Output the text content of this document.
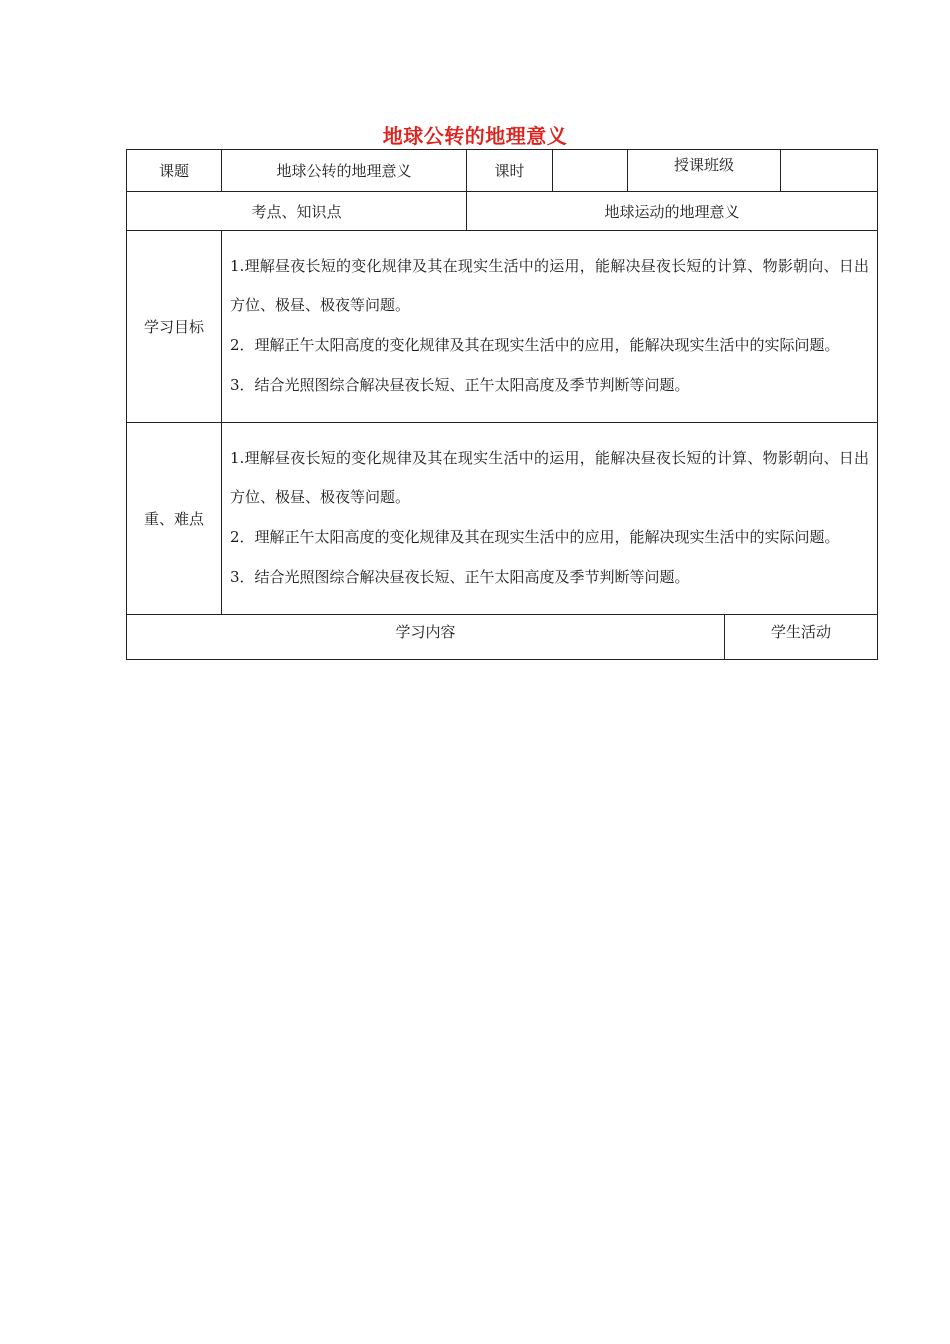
地球公转的地理意义
课题	地球公转的地理意义	课时		授课班级		
考点、知识点		地球运动的地理意义				
学习目标	1.理解昼夜长短的变化规律及其在现实生活中的运用，能解决昼夜长短的计算、物影朝向、日出方位、极昼、极夜等问题。

2．理解正午太阳高度的变化规律及其在现实生活中的应用，能解决现实生活中的实际问题。

3．结合光照图综合解决昼夜长短、正午太阳高度及季节判断等问题。					

重、难点	1.理解昼夜长短的变化规律及其在现实生活中的运用，能解决昼夜长短的计算、物影朝向、日出方位、极昼、极夜等问题。

2．理解正午太阳高度的变化规律及其在现实生活中的应用，能解决现实生活中的实际问题。

3．结合光照图综合解决昼夜长短、正午太阳高度及季节判断等问题。					

学习内容					学生活动	
